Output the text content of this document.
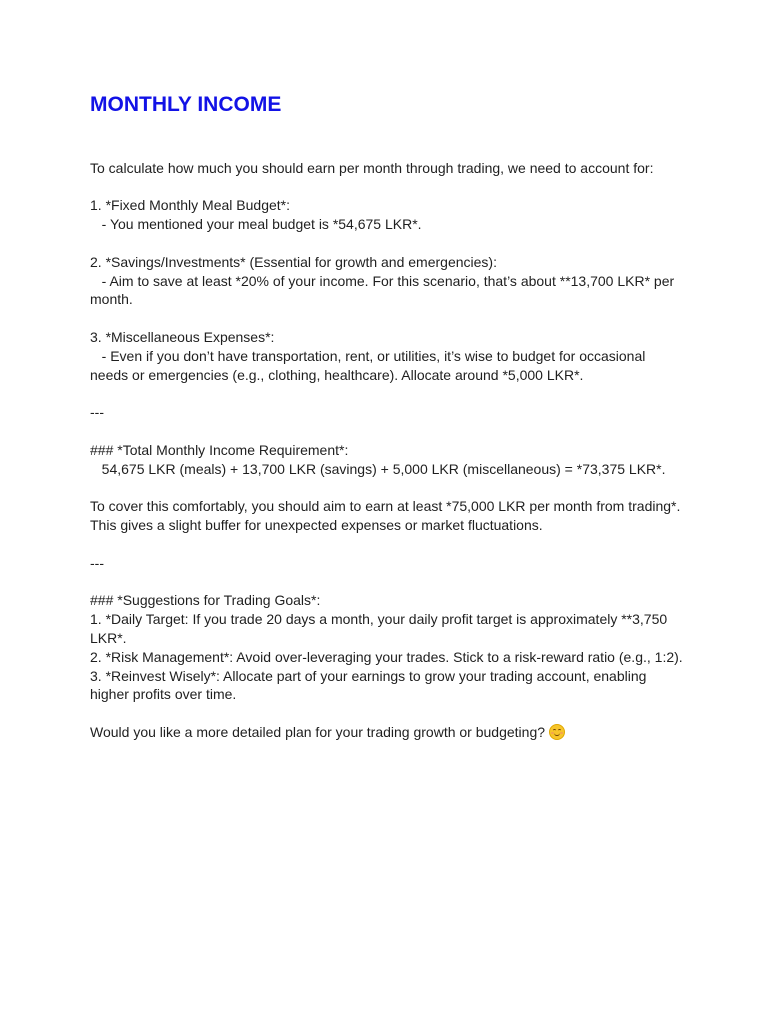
MONTHLY INCOME
To calculate how much you should earn per month through trading, we need to account for:
1. *Fixed Monthly Meal Budget*:
- You mentioned your meal budget is *54,675 LKR*.
2. *Savings/Investments* (Essential for growth and emergencies):
- Aim to save at least *20% of your income. For this scenario, that’s about **13,700 LKR* per
month.
3. *Miscellaneous Expenses*:
- Even if you don’t have transportation, rent, or utilities, it’s wise to budget for occasional
needs or emergencies (e.g., clothing, healthcare). Allocate around *5,000 LKR*.
---
### *Total Monthly Income Requirement*:
54,675 LKR (meals) + 13,700 LKR (savings) + 5,000 LKR (miscellaneous) = *73,375 LKR*.
To cover this comfortably, you should aim to earn at least *75,000 LKR per month from trading*.
This gives a slight buffer for unexpected expenses or market fluctuations.
---
### *Suggestions for Trading Goals*:
1. *Daily Target: If you trade 20 days a month, your daily profit target is approximately **3,750
LKR*.
2. *Risk Management*: Avoid over-leveraging your trades. Stick to a risk-reward ratio (e.g., 1:2).
3. *Reinvest Wisely*: Allocate part of your earnings to grow your trading account, enabling
higher profits over time.
Would you like a more detailed plan for your trading growth or budgeting?
